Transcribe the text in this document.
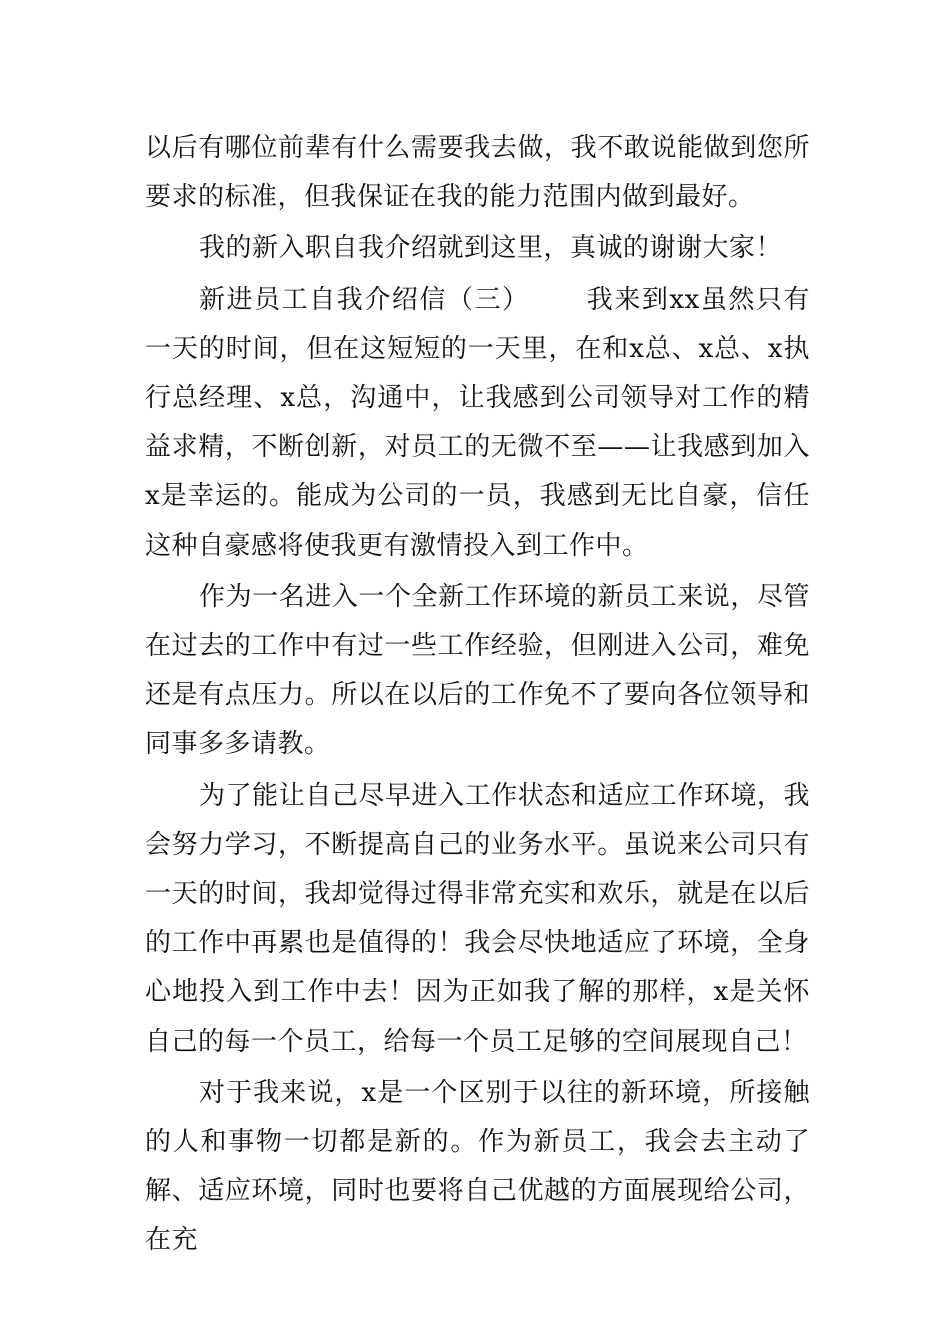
以后有哪位前辈有什么需要我去做，我不敢说能做到您所要求的标准，但我保证在我的能力范围内做到最好。

我的新入职自我介绍就到这里，真诚的谢谢大家！

新进员工自我介绍信（三） 我来到xx虽然只有一天的时间，但在这短短的一天里，在和x总、x总、x执行总经理、x总，沟通中，让我感到公司领导对工作的精益求精，不断创新，对员工的无微不至——让我感到加入x是幸运的。能成为公司的一员，我感到无比自豪，信任这种自豪感将使我更有激情投入到工作中。

作为一名进入一个全新工作环境的新员工来说，尽管在过去的工作中有过一些工作经验，但刚进入公司，难免还是有点压力。所以在以后的工作免不了要向各位领导和同事多多请教。

为了能让自己尽早进入工作状态和适应工作环境，我会努力学习，不断提高自己的业务水平。虽说来公司只有一天的时间，我却觉得过得非常充实和欢乐，就是在以后的工作中再累也是值得的！我会尽快地适应了环境，全身心地投入到工作中去！因为正如我了解的那样，x是关怀自己的每一个员工，给每一个员工足够的空间展现自己！

对于我来说，x是一个区别于以往的新环境，所接触的人和事物一切都是新的。作为新员工，我会去主动了解、适应环境，同时也要将自己优越的方面展现给公司，在充
